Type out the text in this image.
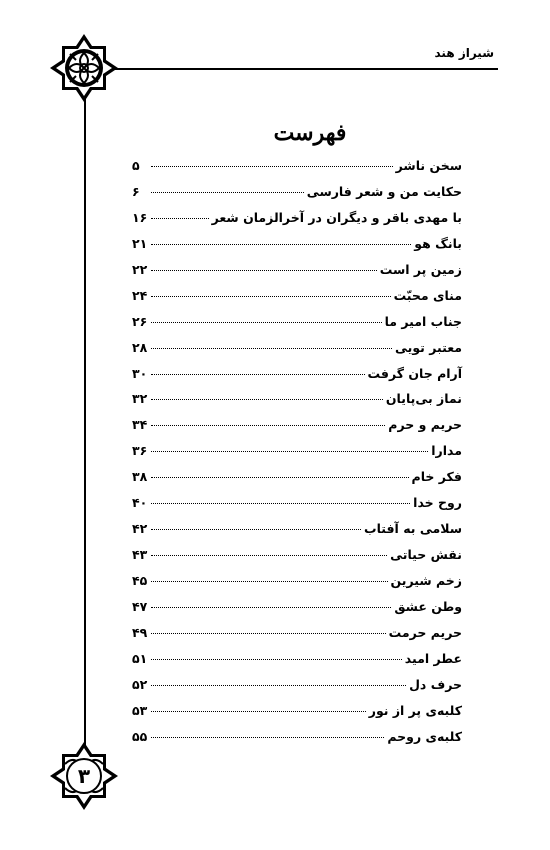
شیراز هند
فهرست
سخن ناشر
۵
حکایت من و شعر فارسی
۶
با مهدی باقر و دیگران در آخرالزمان شعر
۱۶
بانگ هو
۲۱
زمین پر است
۲۲
منای محبّت
۲۴
جناب امیر ما
۲۶
معتبر تویی
۲۸
آرام جان گرفت
۳۰
نماز بی‌پایان
۳۲
حریم و حرم
۳۴
مدارا
۳۶
فکر خام
۳۸
روح خدا
۴۰
سلامی به آفتاب
۴۲
نقش حیاتی
۴۳
زخم شیرین
۴۵
وطن عشق
۴۷
حریم حرمت
۴۹
عطر امید
۵۱
حرف دل
۵۲
کلبه‌ی پر از نور
۵۳
کلبه‌ی روحم
۵۵
۳
